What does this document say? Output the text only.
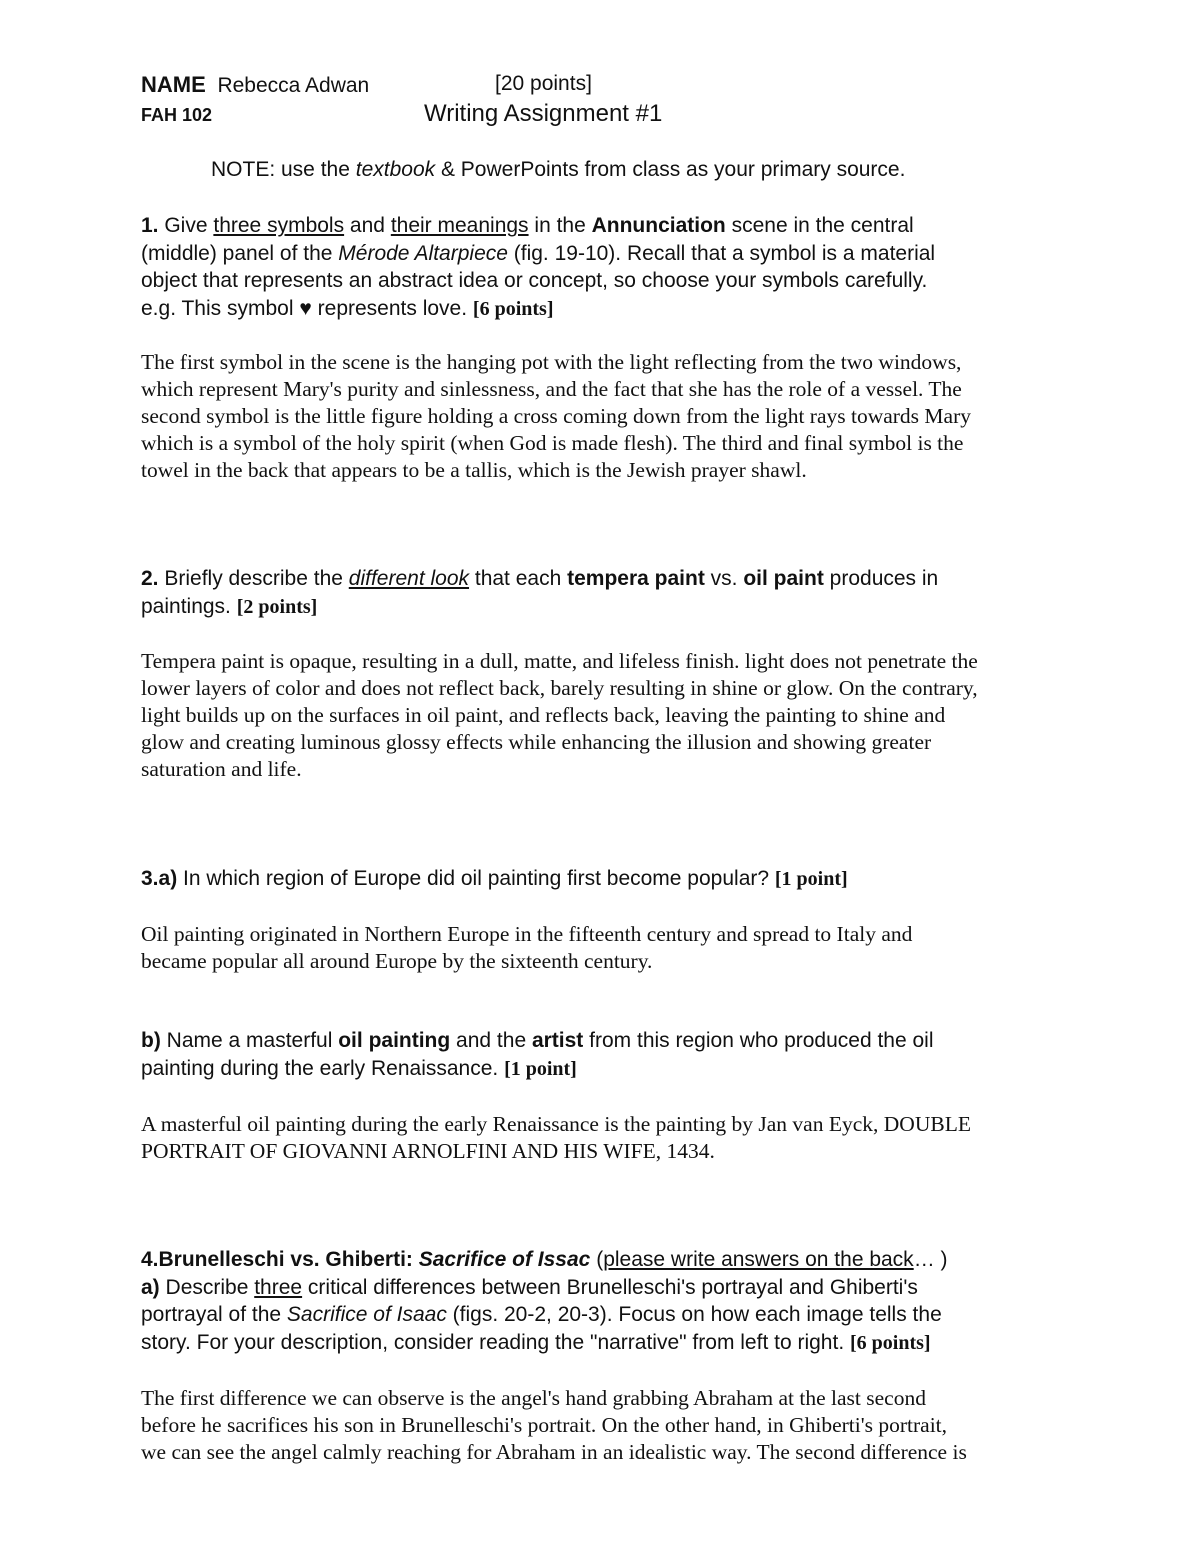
NAME Rebecca Adwan	[20 points]
FAH 102	Writing Assignment #1
NOTE: use the textbook & PowerPoints from class as your primary source.
1. Give three symbols and their meanings in the Annunciation scene in the central
(middle) panel of the Mérode Altarpiece (fig. 19-10). Recall that a symbol is a material
object that represents an abstract idea or concept, so choose your symbols carefully.
e.g. This symbol ♥ represents love. [6 points]
The first symbol in the scene is the hanging pot with the light reflecting from the two windows,
which represent Mary's purity and sinlessness, and the fact that she has the role of a vessel. The
second symbol is the little figure holding a cross coming down from the light rays towards Mary
which is a symbol of the holy spirit (when God is made flesh). The third and final symbol is the
towel in the back that appears to be a tallis, which is the Jewish prayer shawl.
2. Briefly describe the different look that each tempera paint vs. oil paint produces in
paintings. [2 points]
Tempera paint is opaque, resulting in a dull, matte, and lifeless finish. light does not penetrate the
lower layers of color and does not reflect back, barely resulting in shine or glow. On the contrary,
light builds up on the surfaces in oil paint, and reflects back, leaving the painting to shine and
glow and creating luminous glossy effects while enhancing the illusion and showing greater
saturation and life.
3.a) In which region of Europe did oil painting first become popular? [1 point]
Oil painting originated in Northern Europe in the fifteenth century and spread to Italy and
became popular all around Europe by the sixteenth century.
b) Name a masterful oil painting and the artist from this region who produced the oil
painting during the early Renaissance. [1 point]
A masterful oil painting during the early Renaissance is the painting by Jan van Eyck, DOUBLE
PORTRAIT OF GIOVANNI ARNOLFINI AND HIS WIFE, 1434.
4.Brunelleschi vs. Ghiberti: Sacrifice of Issac (please write answers on the back… )
a) Describe three critical differences between Brunelleschi's portrayal and Ghiberti's
portrayal of the Sacrifice of Isaac (figs. 20-2, 20-3). Focus on how each image tells the
story. For your description, consider reading the "narrative" from left to right. [6 points]
The first difference we can observe is the angel's hand grabbing Abraham at the last second
before he sacrifices his son in Brunelleschi's portrait. On the other hand, in Ghiberti's portrait,
we can see the angel calmly reaching for Abraham in an idealistic way. The second difference is
